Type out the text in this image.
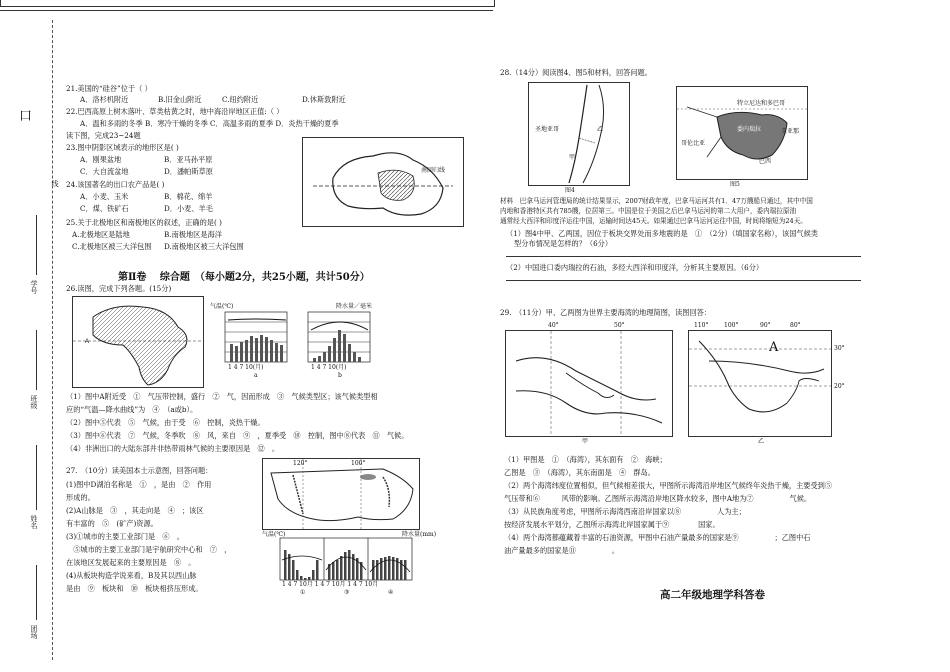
口
线
学号
班级
姓名
团场
21.美国的“硅谷”位于（ ）
A．洛杉机附近	B.旧金山附近	C.纽约附近	D.休斯敦附近
22.巴西高原上树木落叶、草类枯黄之时，地中海沿岸地区正值:（ ）
A．温和多雨的冬季 B．寒冷干燥的冬季 C．高温多雨的夏季 D．炎热干燥的夏季
读下图，完成23~24题
23.图中阴影区域表示的地形区是( )
A．刚果盆地	B．亚马孙平原
C．大自流盆地	D．潘帕斯草原
24.该国著名的出口农产品是( )
A．小麦、玉米	B．棉花、绵羊
C．煤、铁矿石	D．小麦、羊毛
25.关于北极地区和南极地区的叙述，正确的是( )
A.北极地区是陆地	B.南极地区是海洋
C.北极地区被三大洋包围 D.南极地区被三大洋包围
南回归线
第Ⅱ卷　 综合题　（每小题2分，共25小题，共计50分）
26.读图，完成下列各题。(15分)
A
气温(℃)	降水量／毫米
1 4 7 10(月)	1 4 7 10(月)
a	b
（1）图中A附近受　①　气压带控制，盛行　②　气，因而形成　③　气候类型区；该气候类型相
应的“气温—降水曲线”为　④　（a或b）。
（2）图中⑤代表　⑤　气候，由于受　⑥　控制，炎热干燥。
（3）图中⑥代表　⑦　气候，冬季吹　⑧　风，来自　⑨　，夏季受　⑩　控制，图中⑧代表　⑪　气候。
（4）非洲出口的大陆东部并非热带雨林气候的主要原因是　⑫　。
27.　（10分）读美国本土示意图，回答问题：
(1)图中D湖泊名称是　①　，是由　②　作用
形成的。
(2)A山脉是　③　，其走向是　④　；该区
有丰富的　⑤　(矿产)资源。
(3)①城市的主要工业部门是　⑥　。
　⑤城市的主要工业部门是宇航研究中心和　⑦　，
在该地区发展起来的主要原因是　⑧　。
(4)从板块构造学说来看，B及其以西山脉
是由　⑨　板块和　⑩　板块相挤压形成。
120°	100°
气温(℃)	降水量(mm)
1 4 7 10月 1 4 7 10月 1 4 7 10月
①	③	④
28.（14分）阅读图4、图5和材料，回答问题。
圣地亚哥	乙
甲
图4
哥伦比亚
特立尼达和多巴哥
委内瑞拉
巴西
圭亚那
图5
材料　巴拿马运河管理局的统计结果显示，2007财政年度，巴拿马运河共有1．47万艘船只通过，其中中国
内地和香港特区共有785艘，位居第三。中国是位于美国之后巴拿马运河的第二大用户，委内瑞拉原油
通常经大西洋和印度洋运往中国，运输时间达45天。如果通过巴拿马运河运往中国，时间将缩短为24天。
（1）图4中甲、乙两国，因位于板块交界处而多地震的是　①　（2分）（填国家名称），该国气候类
型分布情况是怎样的？（6分）
（2）中国进口委内瑞拉的石油，多经大西洋和印度洋，分析其主要原因。（6分）
29.　（11分）甲、乙两图为世界主要海湾的地理简图，读图回答：
40°	50°
甲
A
110°	100°	90°	80°
30°
20°
乙
（1）甲图是　①　（海湾），其东面有　②　海峡；
乙图是　③　（海湾），其东南面是　④　群岛。
（2）两个海湾纬度位置相似，但气候相差很大，甲图所示海湾沿岸地区气候终年炎热干燥，主要受到⑤
气压带和⑥　　　风带的影响。乙图所示海湾沿岸地区降水较多，图中A地为⑦　　　　　气候。
（3）从民族角度考虑，甲图所示海湾西南沿岸国家以⑧　　　　　人为主；
按经济发展水平划分，乙图所示海湾北岸国家属于⑨　　　　国家。
（4）两个海湾都蕴藏着丰富的石油资源，甲图中石油产量最多的国家是⑨　　　　　；乙图中石
油产量最多的国家是⑪　　　　　。
高二年级地理学科答卷
